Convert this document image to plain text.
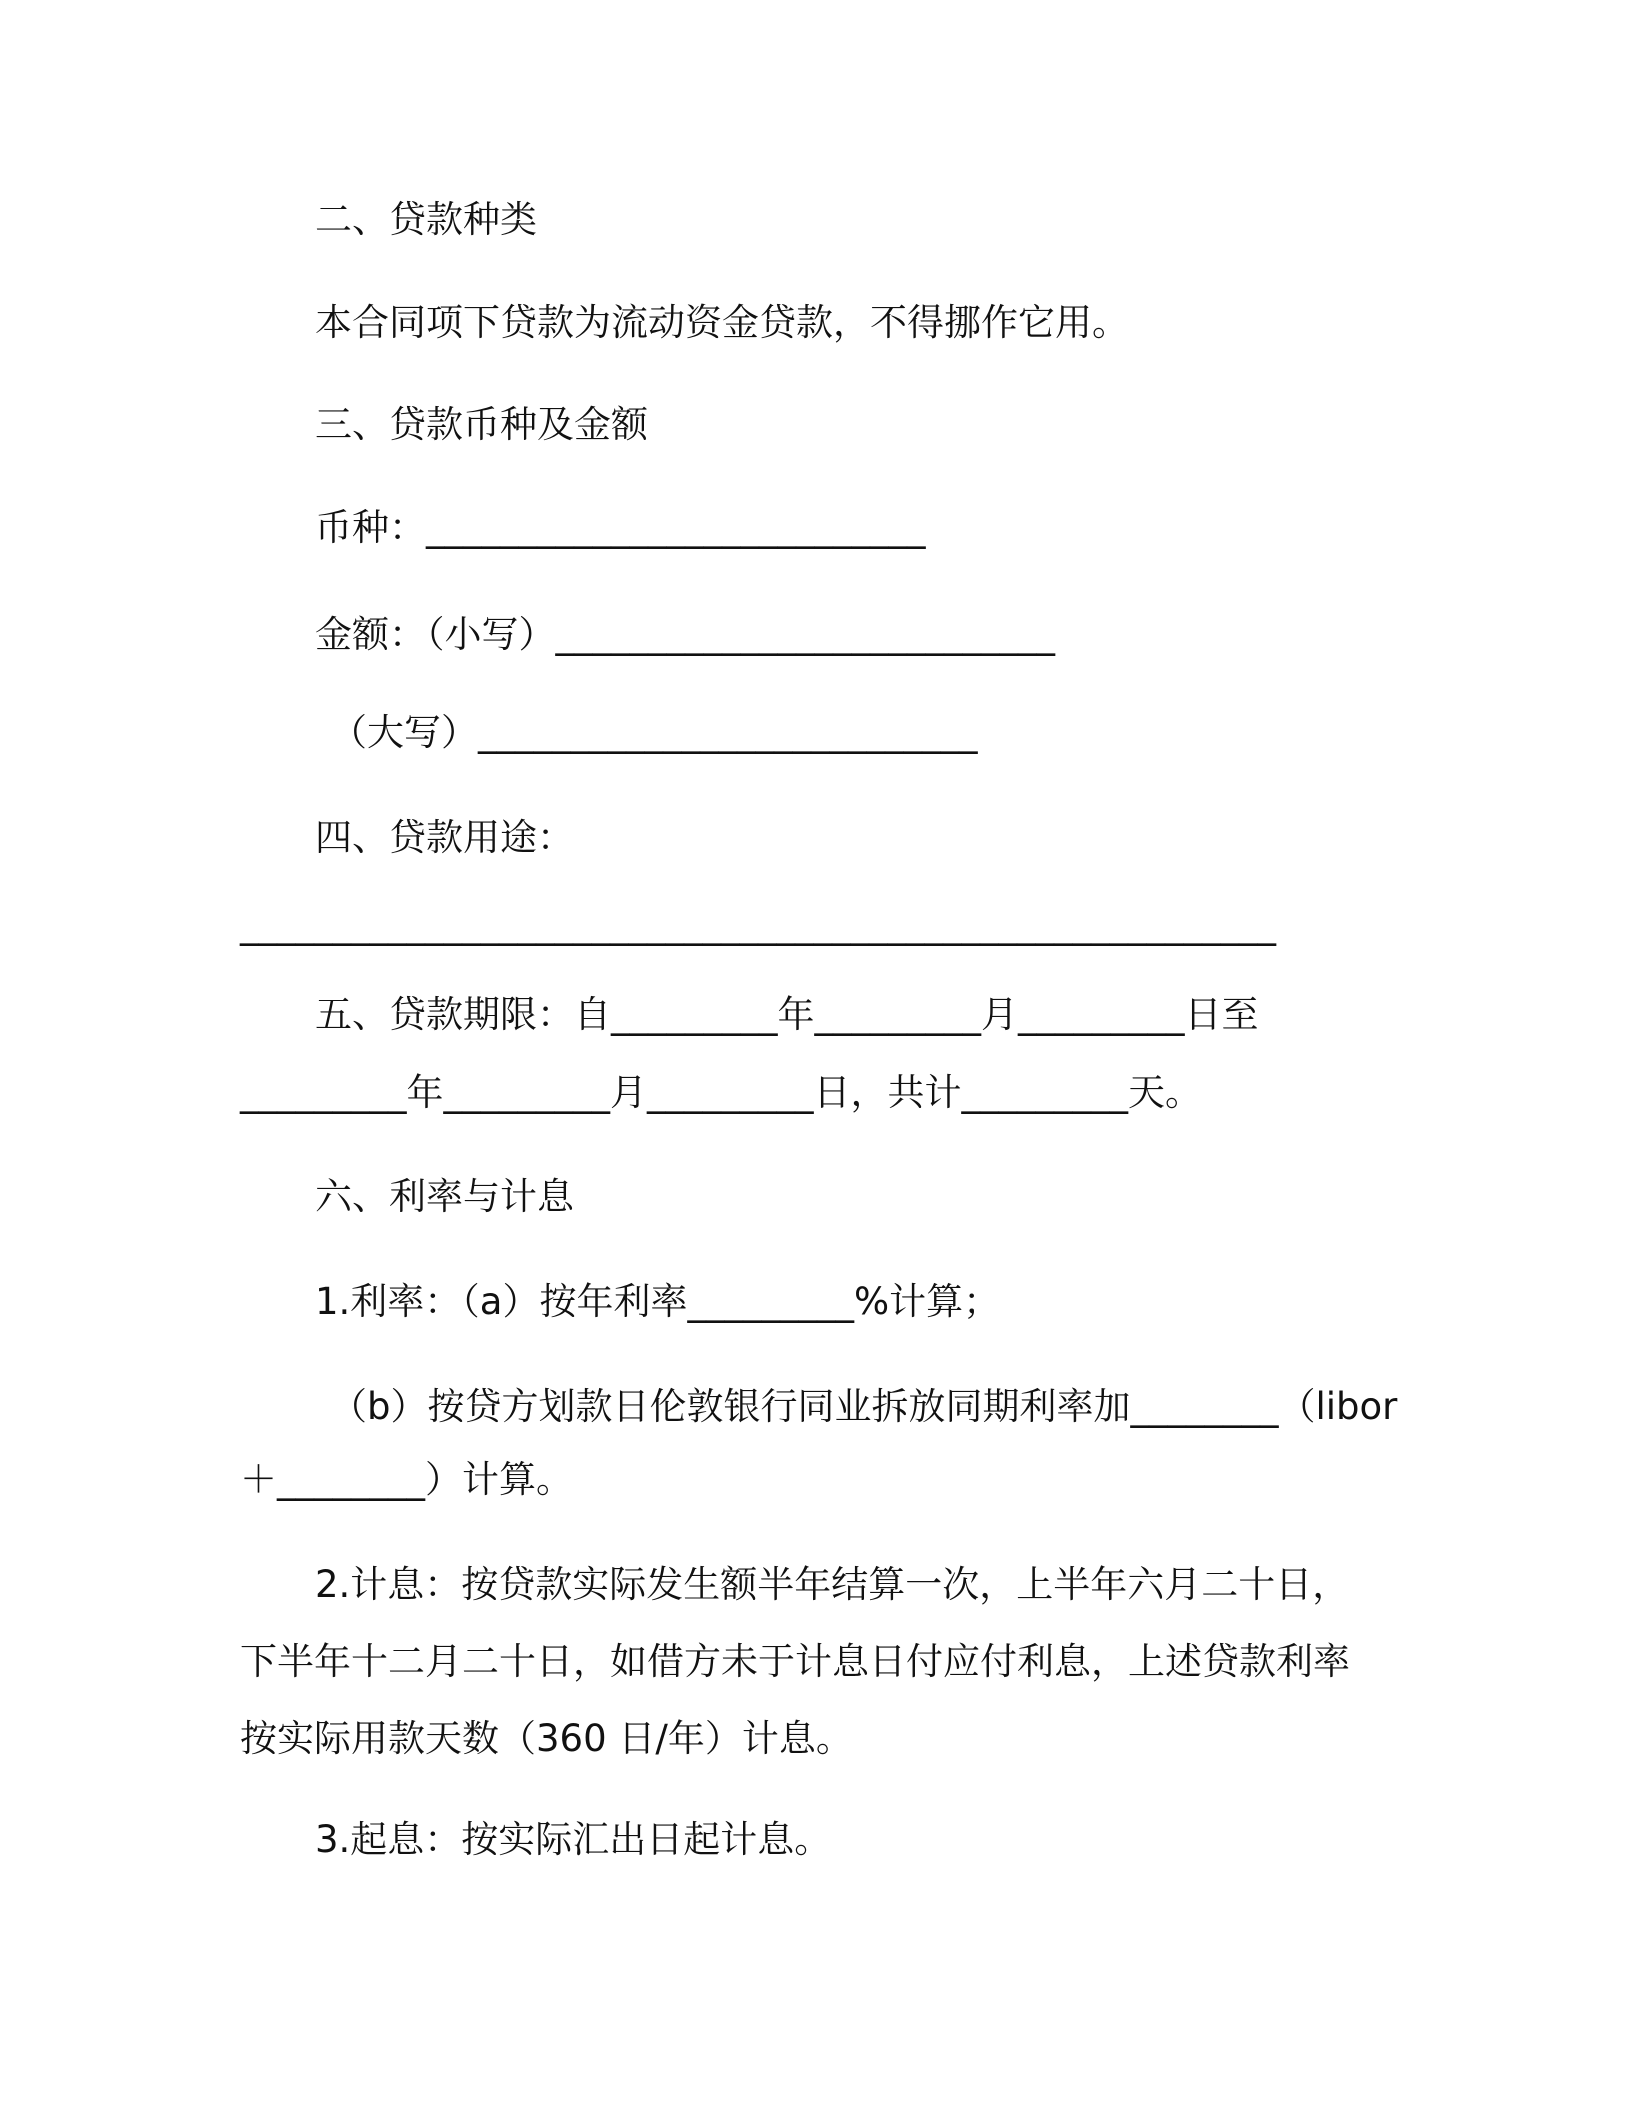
二、贷款种类

本合同项下贷款为流动资金贷款，不得挪作它用。

三、贷款币种及金额

币种：___________________________

金额：（小写）___________________________

（大写）___________________________

四、贷款用途：

________________________________________________________

五、贷款期限：自_________年_________月_________日至

_________年_________月_________日，共计_________天。

六、利率与计息

1.利率：（a）按年利率_________%计算；

（b）按贷方划款日伦敦银行同业拆放同期利率加________（libor

＋________）计算。

2.计息：按贷款实际发生额半年结算一次，上半年六月二十日，

下半年十二月二十日，如借方未于计息日付应付利息，上述贷款利率

按实际用款天数（360 日/年）计息。

3.起息：按实际汇出日起计息。
